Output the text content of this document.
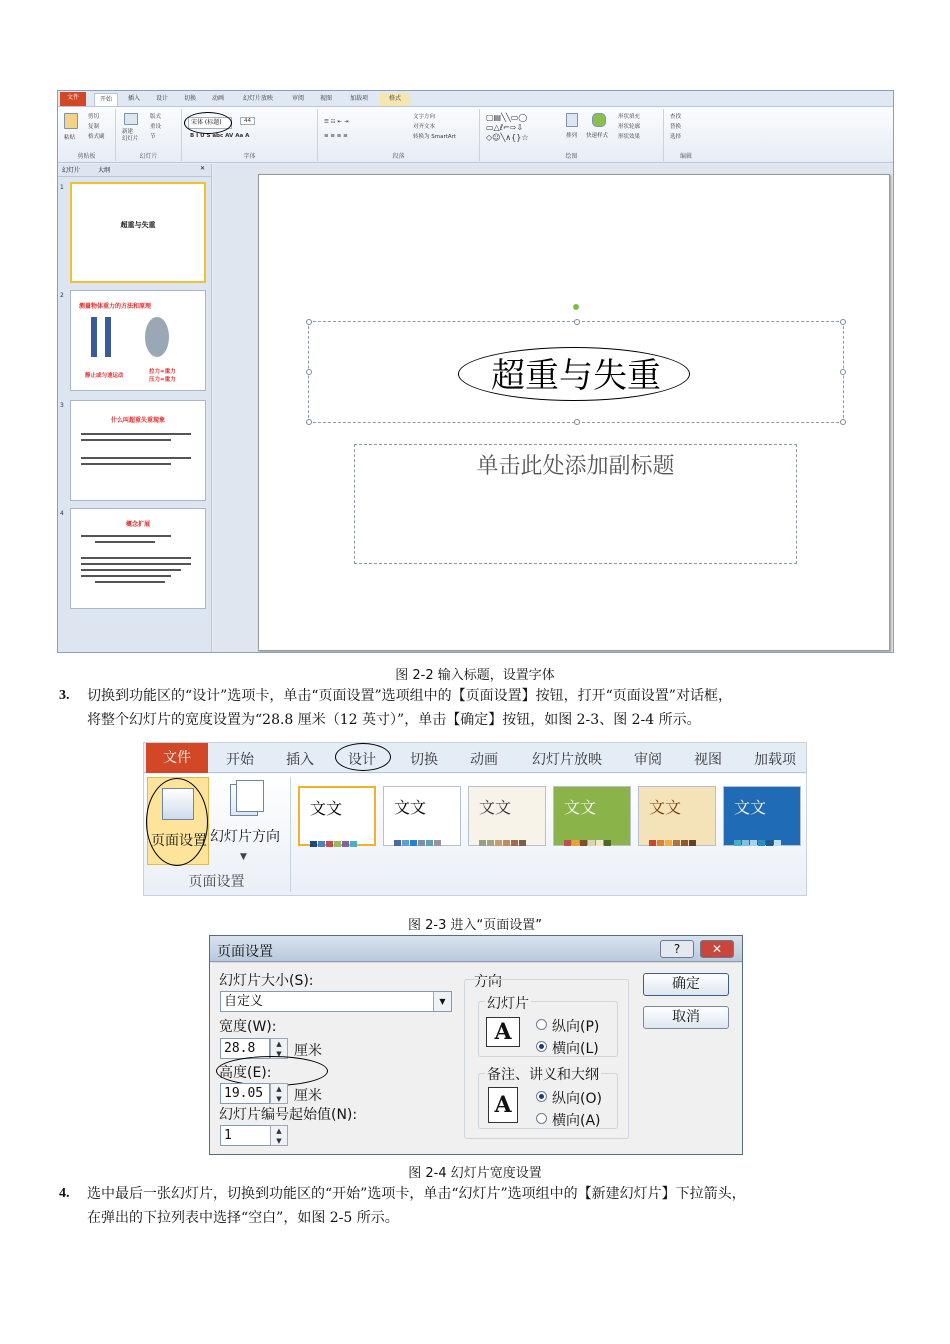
文件	开始	插入	设计	切换	动画	幻灯片放映	审阅	视图	加载项	格式
粘贴
剪切
复制
格式刷
剪贴板
新建
幻灯片
版式
重设
节
幻灯片	字体
44
B I U S abc AV Aa A
宋体 (标题)
文字方向
对齐文本
转换为 SmartArt
☰ ☷ ⇤ ⇥
≡ ≡ ≡ ≡
段落
▢▤╲╲▭◯
▭△ℓ⌐⇨⇩
◇☺╲∧{}☆	排列 快速样式
形状填充
形状轮廓
形状效果
绘图
查找
替换
选择
编辑
幻灯片	大纲	✕
1
超重与失重
2
测量物体重力的方法和原理
静止或匀速运动
拉力=重力
压力=重力
3
什么叫超重失重现象
4
概念扩展
超重与失重
单击此处添加副标题
图 2-2 输入标题，设置字体
3. 切换到功能区的“设计”选项卡，单击“页面设置”选项组中的【页面设置】按钮，打开“页面设置”对话框，
将整个幻灯片的宽度设置为“28.8 厘米（12 英寸）”，单击【确定】按钮，如图 2-3、图 2-4 所示。
文件	开始 插入 设计 切换 动画 幻灯片放映 审阅 视图 加载项
页面设置 幻灯片方向
▼
页面设置
文文	文文	文文	文文	文文	文文
图 2-3 进入“页面设置”
页面设置	?	✕
幻灯片大小(S):
自定义	▼
宽度(W):
28.8	▲
▼ 厘米
高度(E):
19.05	▲
▼ 厘米
幻灯片编号起始值(N):
1	▲
▼
方向
幻灯片
A	纵向(P)
横向(L)
备注、讲义和大纲
A	纵向(O)
横向(A)
确定
取消
图 2-4 幻灯片宽度设置
4. 选中最后一张幻灯片，切换到功能区的“开始”选项卡，单击“幻灯片”选项组中的【新建幻灯片】下拉箭头，
在弹出的下拉列表中选择“空白”，如图 2-5 所示。
